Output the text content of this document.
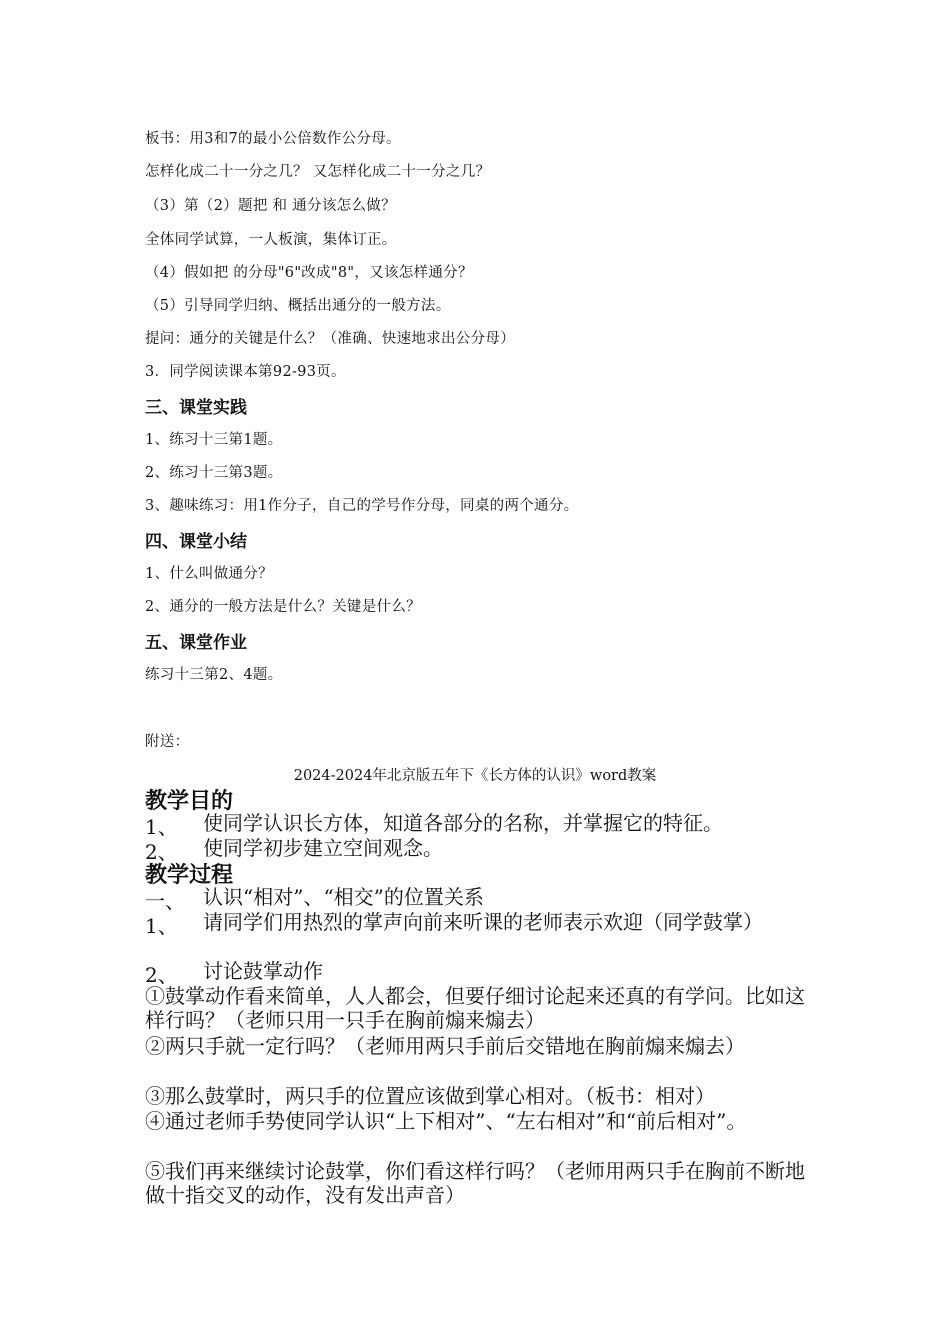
板书：用3和7的最小公倍数作公分母。
怎样化成二十一分之几？ 又怎样化成二十一分之几？
（3）第（2）题把 和 通分该怎么做？
全体同学试算，一人板演，集体订正。
（4）假如把 的分母"6"改成"8"，又该怎样通分？
（5）引导同学归纳、概括出通分的一般方法。
提问：通分的关键是什么？（准确、快速地求出公分母）
3．同学阅读课本第92-93页。
三、课堂实践
1、练习十三第1题。
2、练习十三第3题。
3、趣味练习：用1作分子，自己的学号作分母，同桌的两个通分。
四、课堂小结
1、什么叫做通分？
2、通分的一般方法是什么？关键是什么？
五、课堂作业
练习十三第2、4题。
附送：
2024-2024年北京版五年下《长方体的认识》word教案
教学目的
1、 使同学认识长方体，知道各部分的名称，并掌握它的特征。
2、 使同学初步建立空间观念。
教学过程
一、 认识“相对”、“相交”的位置关系
1、 请同学们用热烈的掌声向前来听课的老师表示欢迎（同学鼓掌）
2、 讨论鼓掌动作
①鼓掌动作看来简单，人人都会，但要仔细讨论起来还真的有学问。比如这样行吗？（老师只用一只手在胸前煽来煽去）
②两只手就一定行吗？（老师用两只手前后交错地在胸前煽来煽去）
③那么鼓掌时，两只手的位置应该做到掌心相对。（板书：相对）
④通过老师手势使同学认识“上下相对”、“左右相对”和“前后相对”。
⑤我们再来继续讨论鼓掌，你们看这样行吗？（老师用两只手在胸前不断地做十指交叉的动作，没有发出声音）
